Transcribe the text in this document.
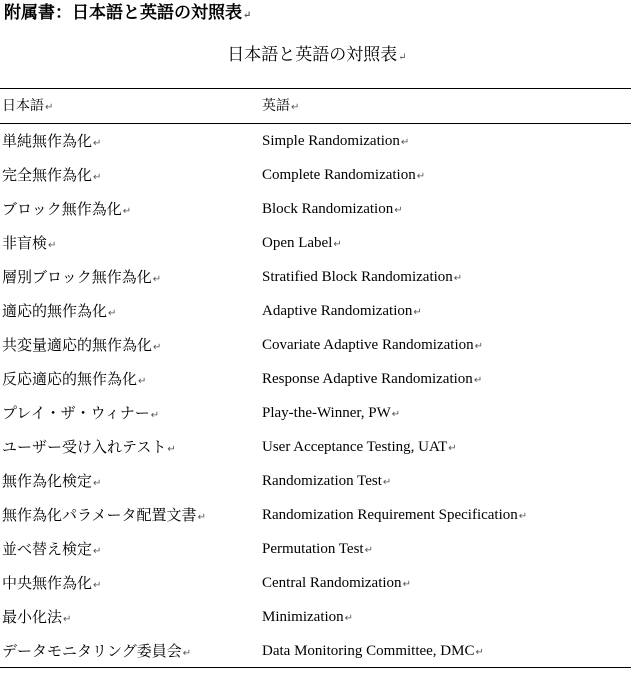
附属書：日本語と英語の対照表↵
日本語と英語の対照表↵
日本語↵	英語↵
単純無作為化↵	Simple Randomization↵
完全無作為化↵	Complete Randomization↵
ブロック無作為化↵	Block Randomization↵
非盲検↵	Open Label↵
層別ブロック無作為化↵	Stratified Block Randomization↵
適応的無作為化↵	Adaptive Randomization↵
共変量適応的無作為化↵	Covariate Adaptive Randomization↵
反応適応的無作為化↵	Response Adaptive Randomization↵
プレイ・ザ・ウィナー↵	Play-the-Winner, PW↵
ユーザー受け入れテスト↵	User Acceptance Testing, UAT↵
無作為化検定↵	Randomization Test↵
無作為化パラメータ配置文書↵	Randomization Requirement Specification↵
並べ替え検定↵	Permutation Test↵
中央無作為化↵	Central Randomization↵
最小化法↵	Minimization↵
データモニタリング委員会↵	Data Monitoring Committee, DMC↵
